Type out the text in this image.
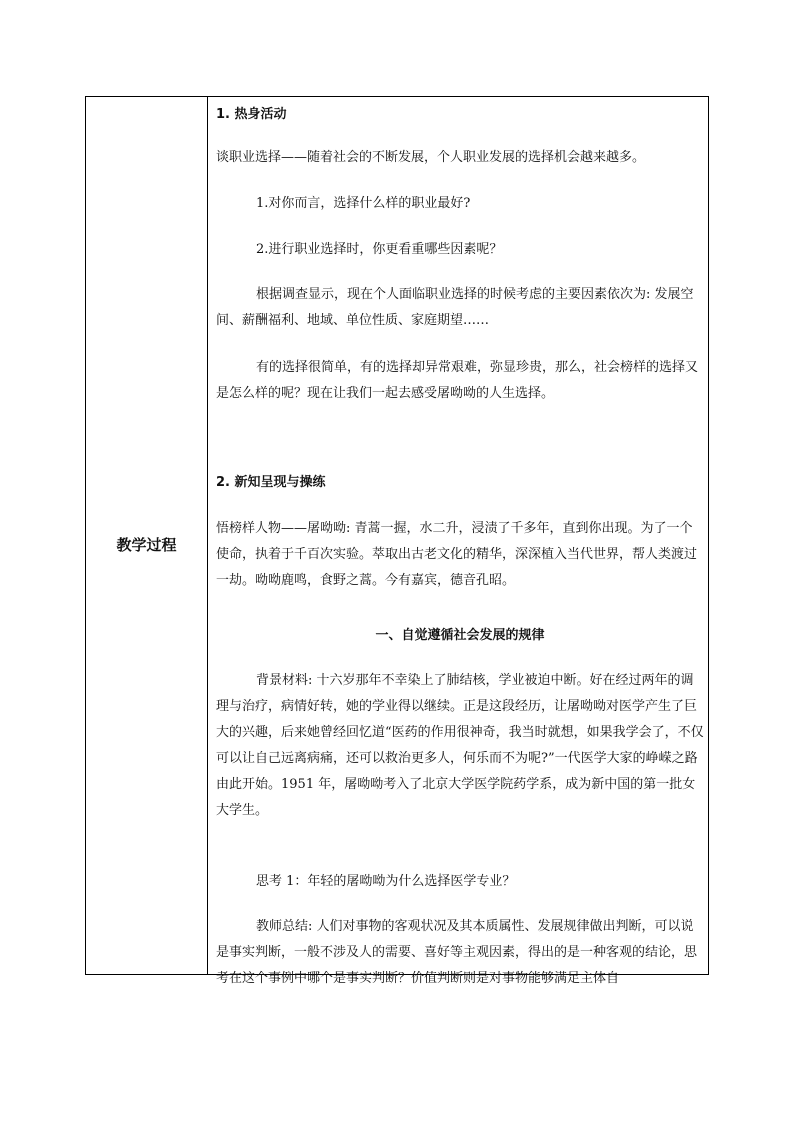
教学过程

1. 热身活动

谈职业选择——随着社会的不断发展，个人职业发展的选择机会越来越多。

1.对你而言，选择什么样的职业最好?

2.进行职业选择时，你更看重哪些因素呢？

根据调查显示，现在个人面临职业选择的时候考虑的主要因素依次为: 发展空间、薪酬福利、地域、单位性质、家庭期望……

有的选择很简单，有的选择却异常艰难，弥显珍贵，那么，社会榜样的选择又是怎么样的呢？现在让我们一起去感受屠呦呦的人生选择。

2. 新知呈现与操练

悟榜样人物——屠呦呦: 青蒿一握，水二升，浸渍了千多年，直到你出现。为了一个使命，执着于千百次实验。萃取出古老文化的精华，深深植入当代世界，帮人类渡过一劫。呦呦鹿鸣，食野之蒿。今有嘉宾，德音孔昭。

一、自觉遵循社会发展的规律

背景材料: 十六岁那年不幸染上了肺结核，学业被迫中断。好在经过两年的调理与治疗，病情好转，她的学业得以继续。正是这段经历，让屠呦呦对医学产生了巨大的兴趣，后来她曾经回忆道“医药的作用很神奇，我当时就想，如果我学会了，不仅可以让自己远离病痛，还可以救治更多人，何乐而不为呢?”一代医学大家的峥嵘之路由此开始。1951 年，屠呦呦考入了北京大学医学院药学系，成为新中国的第一批女大学生。

思考 1：年轻的屠呦呦为什么选择医学专业？

教师总结: 人们对事物的客观状况及其本质属性、发展规律做出判断，可以说是事实判断，一般不涉及人的需要、喜好等主观因素，得出的是一种客观的结论，思考在这个事例中哪个是事实判断？价值判断则是对事物能够满足主体自
